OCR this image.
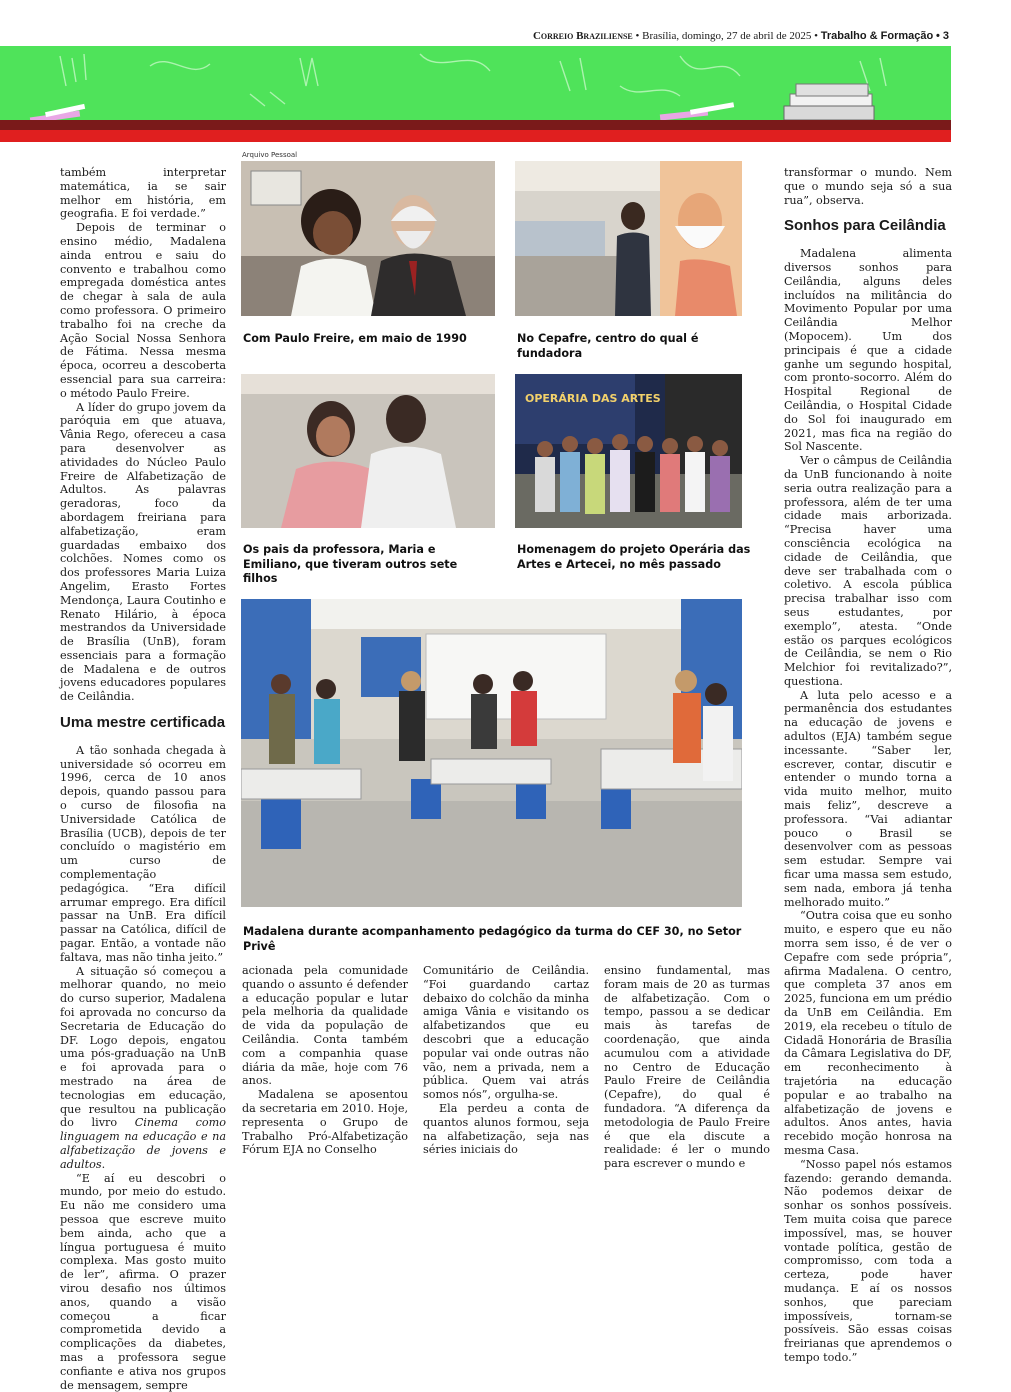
Correio Braziliense • Brasília, domingo, 27 de abril de 2025 • Trabalho & Formação • 3

também interpretar matemática, ia se sair melhor em história, em geografia. E foi verdade.”

Depois de terminar o ensino médio, Madalena ainda entrou e saiu do convento e trabalhou como empregada doméstica antes de chegar à sala de aula como professora. O primeiro trabalho foi na creche da Ação Social Nossa Senhora de Fátima. Nessa mesma época, ocorreu a descoberta essencial para sua carreira: o método Paulo Freire.

A líder do grupo jovem da paróquia em que atuava, Vânia Rego, ofereceu a casa para desenvolver as atividades do Núcleo Paulo Freire de Alfabetização de Adultos. As palavras geradoras, foco da abordagem freiriana para alfabetização, eram guardadas embaixo dos colchões. Nomes como os dos professores Maria Luiza Angelim, Erasto Fortes Mendonça, Laura Coutinho e Renato Hilário, à época mestrandos da Universidade de Brasília (UnB), foram essenciais para a formação de Madalena e de outros jovens educadores populares de Ceilândia.

Uma mestre certificada

A tão sonhada chegada à universidade só ocorreu em 1996, cerca de 10 anos depois, quando passou para o curso de filosofia na Universidade Católica de Brasília (UCB), depois de ter concluído o magistério em um curso de complementação pedagógica. “Era difícil arrumar emprego. Era difícil passar na UnB. Era difícil passar na Católica, difícil de pagar. Então, a vontade não faltava, mas não tinha jeito.”

A situação só começou a melhorar quando, no meio do curso superior, Madalena foi aprovada no concurso da Secretaria de Educação do DF. Logo depois, engatou uma pós-graduação na UnB e foi aprovada para o mestrado na área de tecnologias em educação, que resultou na publicação do livro Cinema como linguagem na educação e na alfabetização de jovens e adultos.

“E aí eu descobri o mundo, por meio do estudo. Eu não me considero uma pessoa que escreve muito bem ainda, acho que a língua portuguesa é muito complexa. Mas gosto muito de ler”, afirma. O prazer virou desafio nos últimos anos, quando a visão começou a ficar comprometida devido a complicações da diabetes, mas a professora segue confiante e ativa nos grupos de mensagem, sempre

Arquivo Pessoal
Com Paulo Freire, em maio de 1990	No Cepafre, centro do qual é fundadora
Os pais da professora, Maria e Emiliano, que tiveram outros sete filhos
OPERÁRIA DAS ARTES
Homenagem do projeto Operária das Artes e Artecei, no mês passado
Madalena durante acompanhamento pedagógico da turma do CEF 30, no Setor Privê

transformar o mundo. Nem que o mundo seja só a sua rua”, observa.

Sonhos para Ceilândia

Madalena alimenta diversos sonhos para Ceilândia, alguns deles incluídos na militância do Movimento Popular por uma Ceilândia Melhor (Mopocem). Um dos principais é que a cidade ganhe um segundo hospital, com pronto-socorro. Além do Hospital Regional de Ceilândia, o Hospital Cidade do Sol foi inaugurado em 2021, mas fica na região do Sol Nascente.

Ver o câmpus de Ceilândia da UnB funcionando à noite seria outra realização para a professora, além de ter uma cidade mais arborizada. “Precisa haver uma consciência ecológica na cidade de Ceilândia, que deve ser trabalhada com o coletivo. A escola pública precisa trabalhar isso com seus estudantes, por exemplo”, atesta. “Onde estão os parques ecológicos de Ceilândia, se nem o Rio Melchior foi revitalizado?”, questiona.

A luta pelo acesso e a permanência dos estudantes na educação de jovens e adultos (EJA) também segue incessante. “Saber ler, escrever, contar, discutir e entender o mundo torna a vida muito melhor, muito mais feliz”, descreve a professora. “Vai adiantar pouco o Brasil se desenvolver com as pessoas sem estudar. Sempre vai ficar uma massa sem estudo, sem nada, embora já tenha melhorado muito.”

“Outra coisa que eu sonho muito, e espero que eu não morra sem isso, é de ver o Cepafre com sede própria”, afirma Madalena. O centro, que completa 37 anos em 2025, funciona em um prédio da UnB em Ceilândia. Em 2019, ela recebeu o título de Cidadã Honorária de Brasília da Câmara Legislativa do DF, em reconhecimento à trajetória na educação popular e ao trabalho na alfabetização de jovens e adultos. Anos antes, havia recebido moção honrosa na mesma Casa.

“Nosso papel nós estamos fazendo: gerando demanda. Não podemos deixar de sonhar os sonhos possíveis. Tem muita coisa que parece impossível, mas, se houver vontade política, gestão de compromisso, com toda a certeza, pode haver mudança. E aí os nossos sonhos, que pareciam impossíveis, tornam-se possíveis. São essas coisas freirianas que aprendemos o tempo todo.”

acionada pela comunidade quando o assunto é defender a educação popular e lutar pela melhoria da qualidade de vida da população de Ceilândia. Conta também com a companhia quase diária da mãe, hoje com 76 anos.

Madalena se aposentou da secretaria em 2010. Hoje, representa o Grupo de Trabalho Pró-Alfabetização Fórum EJA no Conselho

Comunitário de Ceilândia. “Foi guardando cartaz debaixo do colchão da minha amiga Vânia e visitando os alfabetizandos que eu descobri que a educação popular vai onde outras não vão, nem a privada, nem a pública. Quem vai atrás somos nós”, orgulha-se.

Ela perdeu a conta de quantos alunos formou, seja na alfabetização, seja nas séries iniciais do

ensino fundamental, mas foram mais de 20 as turmas de alfabetização. Com o tempo, passou a se dedicar mais às tarefas de coordenação, que ainda acumulou com a atividade no Centro de Educação Paulo Freire de Ceilândia (Cepafre), do qual é fundadora. “A diferença da metodologia de Paulo Freire é que ela discute a realidade: é ler o mundo para escrever o mundo e
